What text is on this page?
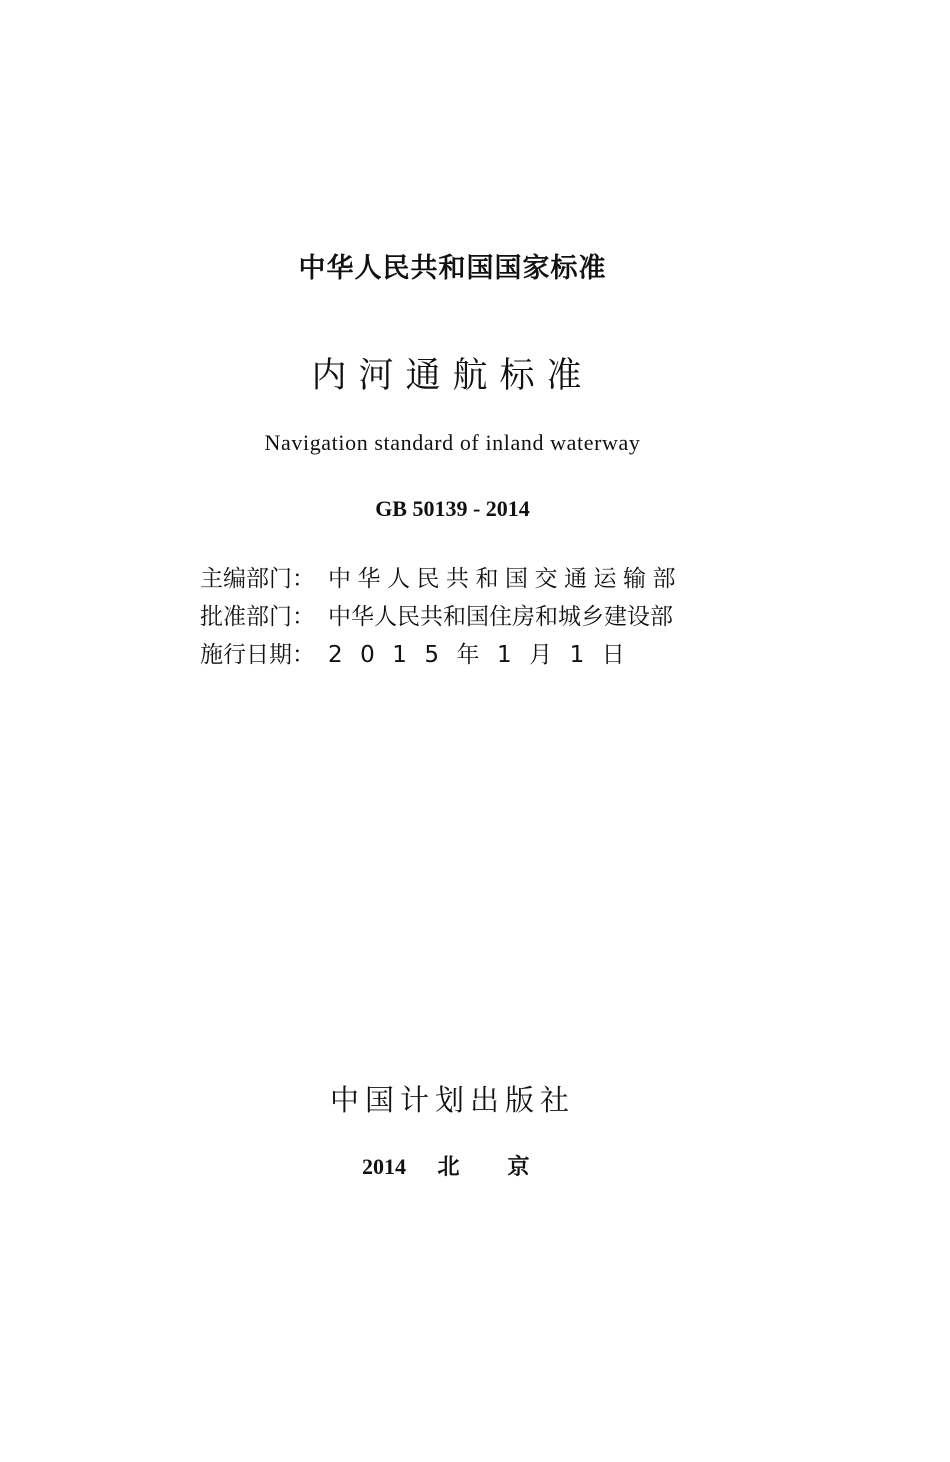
中华人民共和国国家标准
内河通航标准
Navigation standard of inland waterway
GB 50139 - 2014
主编部门： 中华人民共和国交通运输部
批准部门： 中华人民共和国住房和城乡建设部
施行日期： 2015年1月1日
中国计划出版社
2014 北京
